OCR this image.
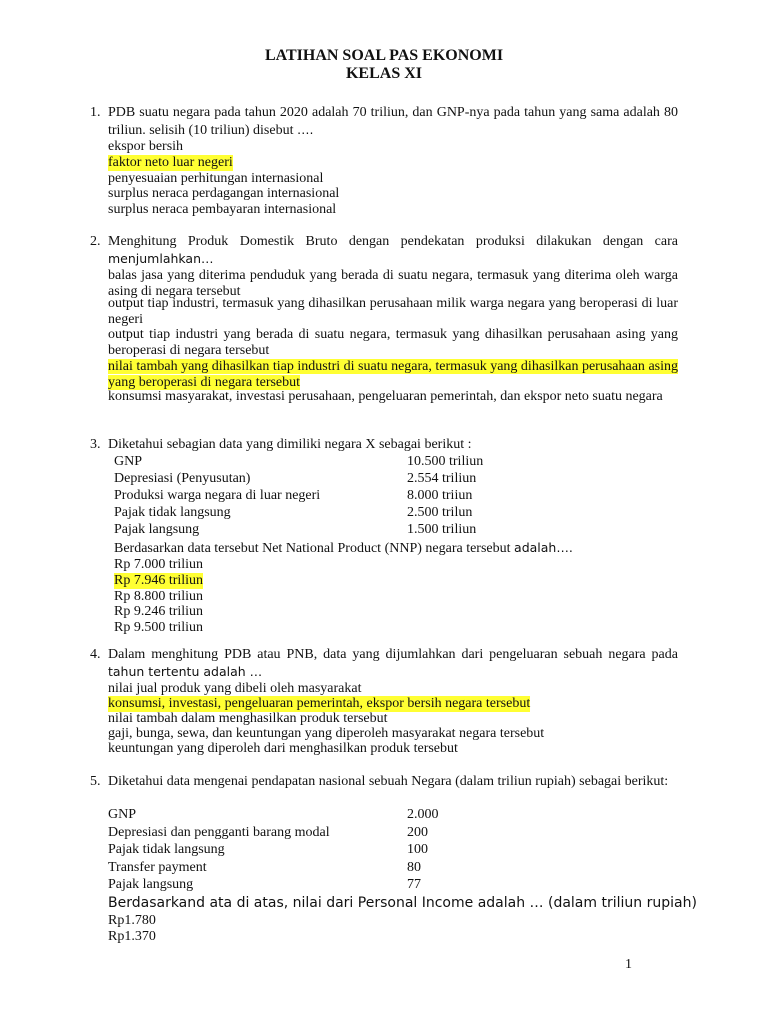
LATIHAN SOAL PAS EKONOMI
KELAS XI
1. PDB suatu negara pada tahun 2020 adalah 70 triliun, dan GNP-nya pada tahun yang sama adalah 80 triliun. selisih (10 triliun) disebut ….
ekspor bersih
faktor neto luar negeri
penyesuaian perhitungan internasional
surplus neraca perdagangan internasional
surplus neraca pembayaran internasional
2. Menghitung Produk Domestik Bruto dengan pendekatan produksi dilakukan dengan cara menjumlahkan…
balas jasa yang diterima penduduk yang berada di suatu negara, termasuk yang diterima oleh warga asing di negara tersebut
output tiap industri, termasuk yang dihasilkan perusahaan milik warga negara yang beroperasi di luar negeri
output tiap industri yang berada di suatu negara, termasuk yang dihasilkan perusahaan asing yang beroperasi di negara tersebut
nilai tambah yang dihasilkan tiap industri di suatu negara, termasuk yang dihasilkan perusahaan asing yang beroperasi di negara tersebut
konsumsi masyarakat, investasi perusahaan, pengeluaran pemerintah, dan ekspor neto suatu negara
3. Diketahui sebagian data yang dimiliki negara X sebagai berikut :
GNP	10.500 triliun
Depresiasi (Penyusutan)	2.554 triliun
Produksi warga negara di luar negeri	8.000 triiun
Pajak tidak langsung	2.500 trilun
Pajak langsung	1.500 triliun
Berdasarkan data tersebut Net National Product (NNP) negara tersebut adalah….
Rp 7.000 triliun
Rp 7.946 triliun
Rp 8.800 triliun
Rp 9.246 triliun
Rp 9.500 triliun
4. Dalam menghitung PDB atau PNB, data yang dijumlahkan dari pengeluaran sebuah negara pada tahun tertentu adalah …
nilai jual produk yang dibeli oleh masyarakat
konsumsi, investasi, pengeluaran pemerintah, ekspor bersih negara tersebut
nilai tambah dalam menghasilkan produk tersebut
gaji, bunga, sewa, dan keuntungan yang diperoleh masyarakat negara tersebut
keuntungan yang diperoleh dari menghasilkan produk tersebut
5. Diketahui data mengenai pendapatan nasional sebuah Negara (dalam triliun rupiah) sebagai berikut:
GNP	2.000
Depresiasi dan pengganti barang modal	200
Pajak tidak langsung	100
Transfer payment	80
Pajak langsung	77
Berdasarkand ata di atas, nilai dari Personal Income adalah … (dalam triliun rupiah)
Rp1.780
Rp1.370
1
